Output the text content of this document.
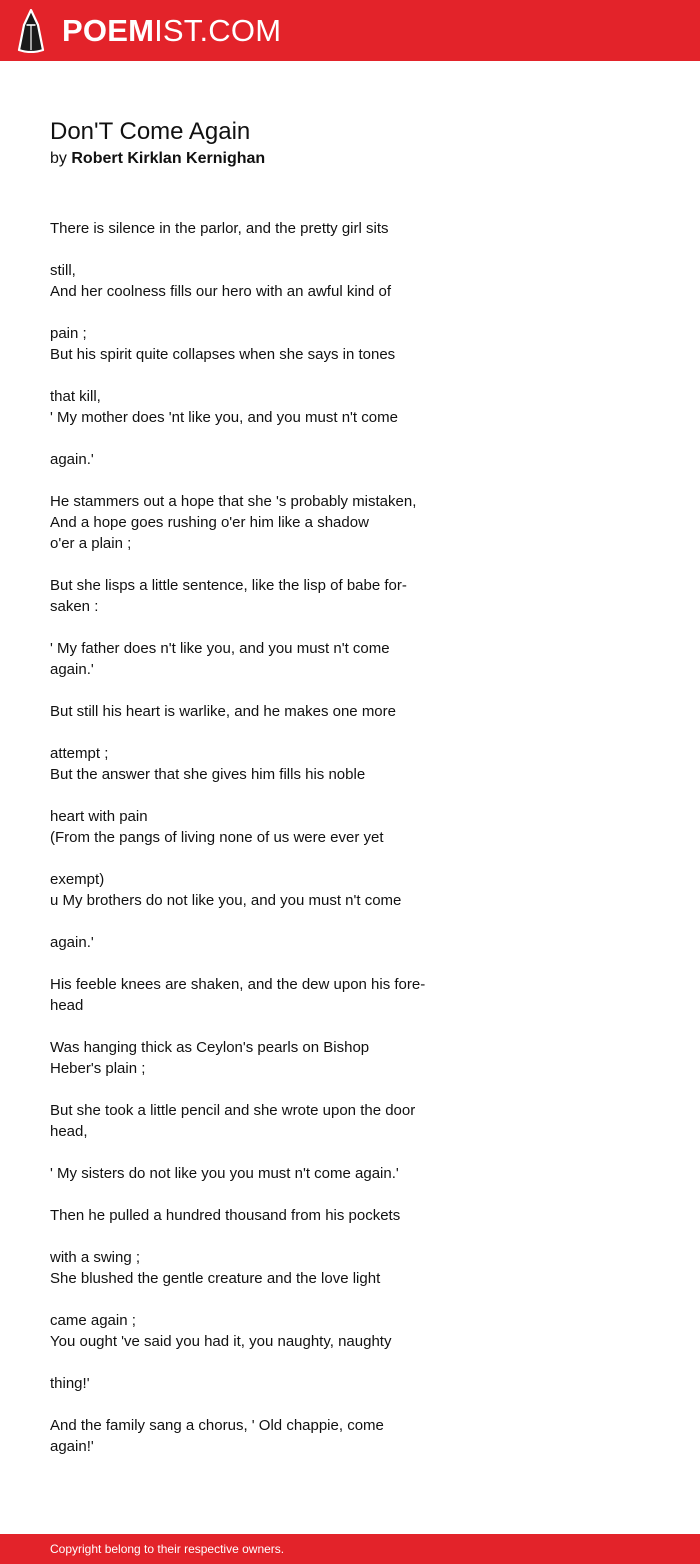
POEMIST.COM
Don'T Come Again
by Robert Kirklan Kernighan
There is silence in the parlor, and the pretty girl sits
still,
And her coolness fills our hero with an awful kind of
pain ;
But his spirit quite collapses when she says in tones
that kill,
' My mother does 'nt like you, and you must n't come
again.'
He stammers out a hope that she 's probably mistaken,
And a hope goes rushing o'er him like a shadow
o'er a plain ;
But she lisps a little sentence, like the lisp of babe for-
saken :
' My father does n't like you, and you must n't come
again.'
But still his heart is warlike, and he makes one more
attempt ;
But the answer that she gives him fills his noble
heart with pain
(From the pangs of living none of us were ever yet
exempt)
u My brothers do not like you, and you must n't come
again.'
His feeble knees are shaken, and the dew upon his fore-
head
Was hanging thick as Ceylon's pearls on Bishop
Heber's plain ;
But she took a little pencil and she wrote upon the door
head,
' My sisters do not like you you must n't come again.'
Then he pulled a hundred thousand from his pockets
with a swing ;
She blushed the gentle creature and the love light
came again ;
You ought 've said you had it, you naughty, naughty
thing!'
And the family sang a chorus, ' Old chappie, come
again!'
Copyright belong to their respective owners.
